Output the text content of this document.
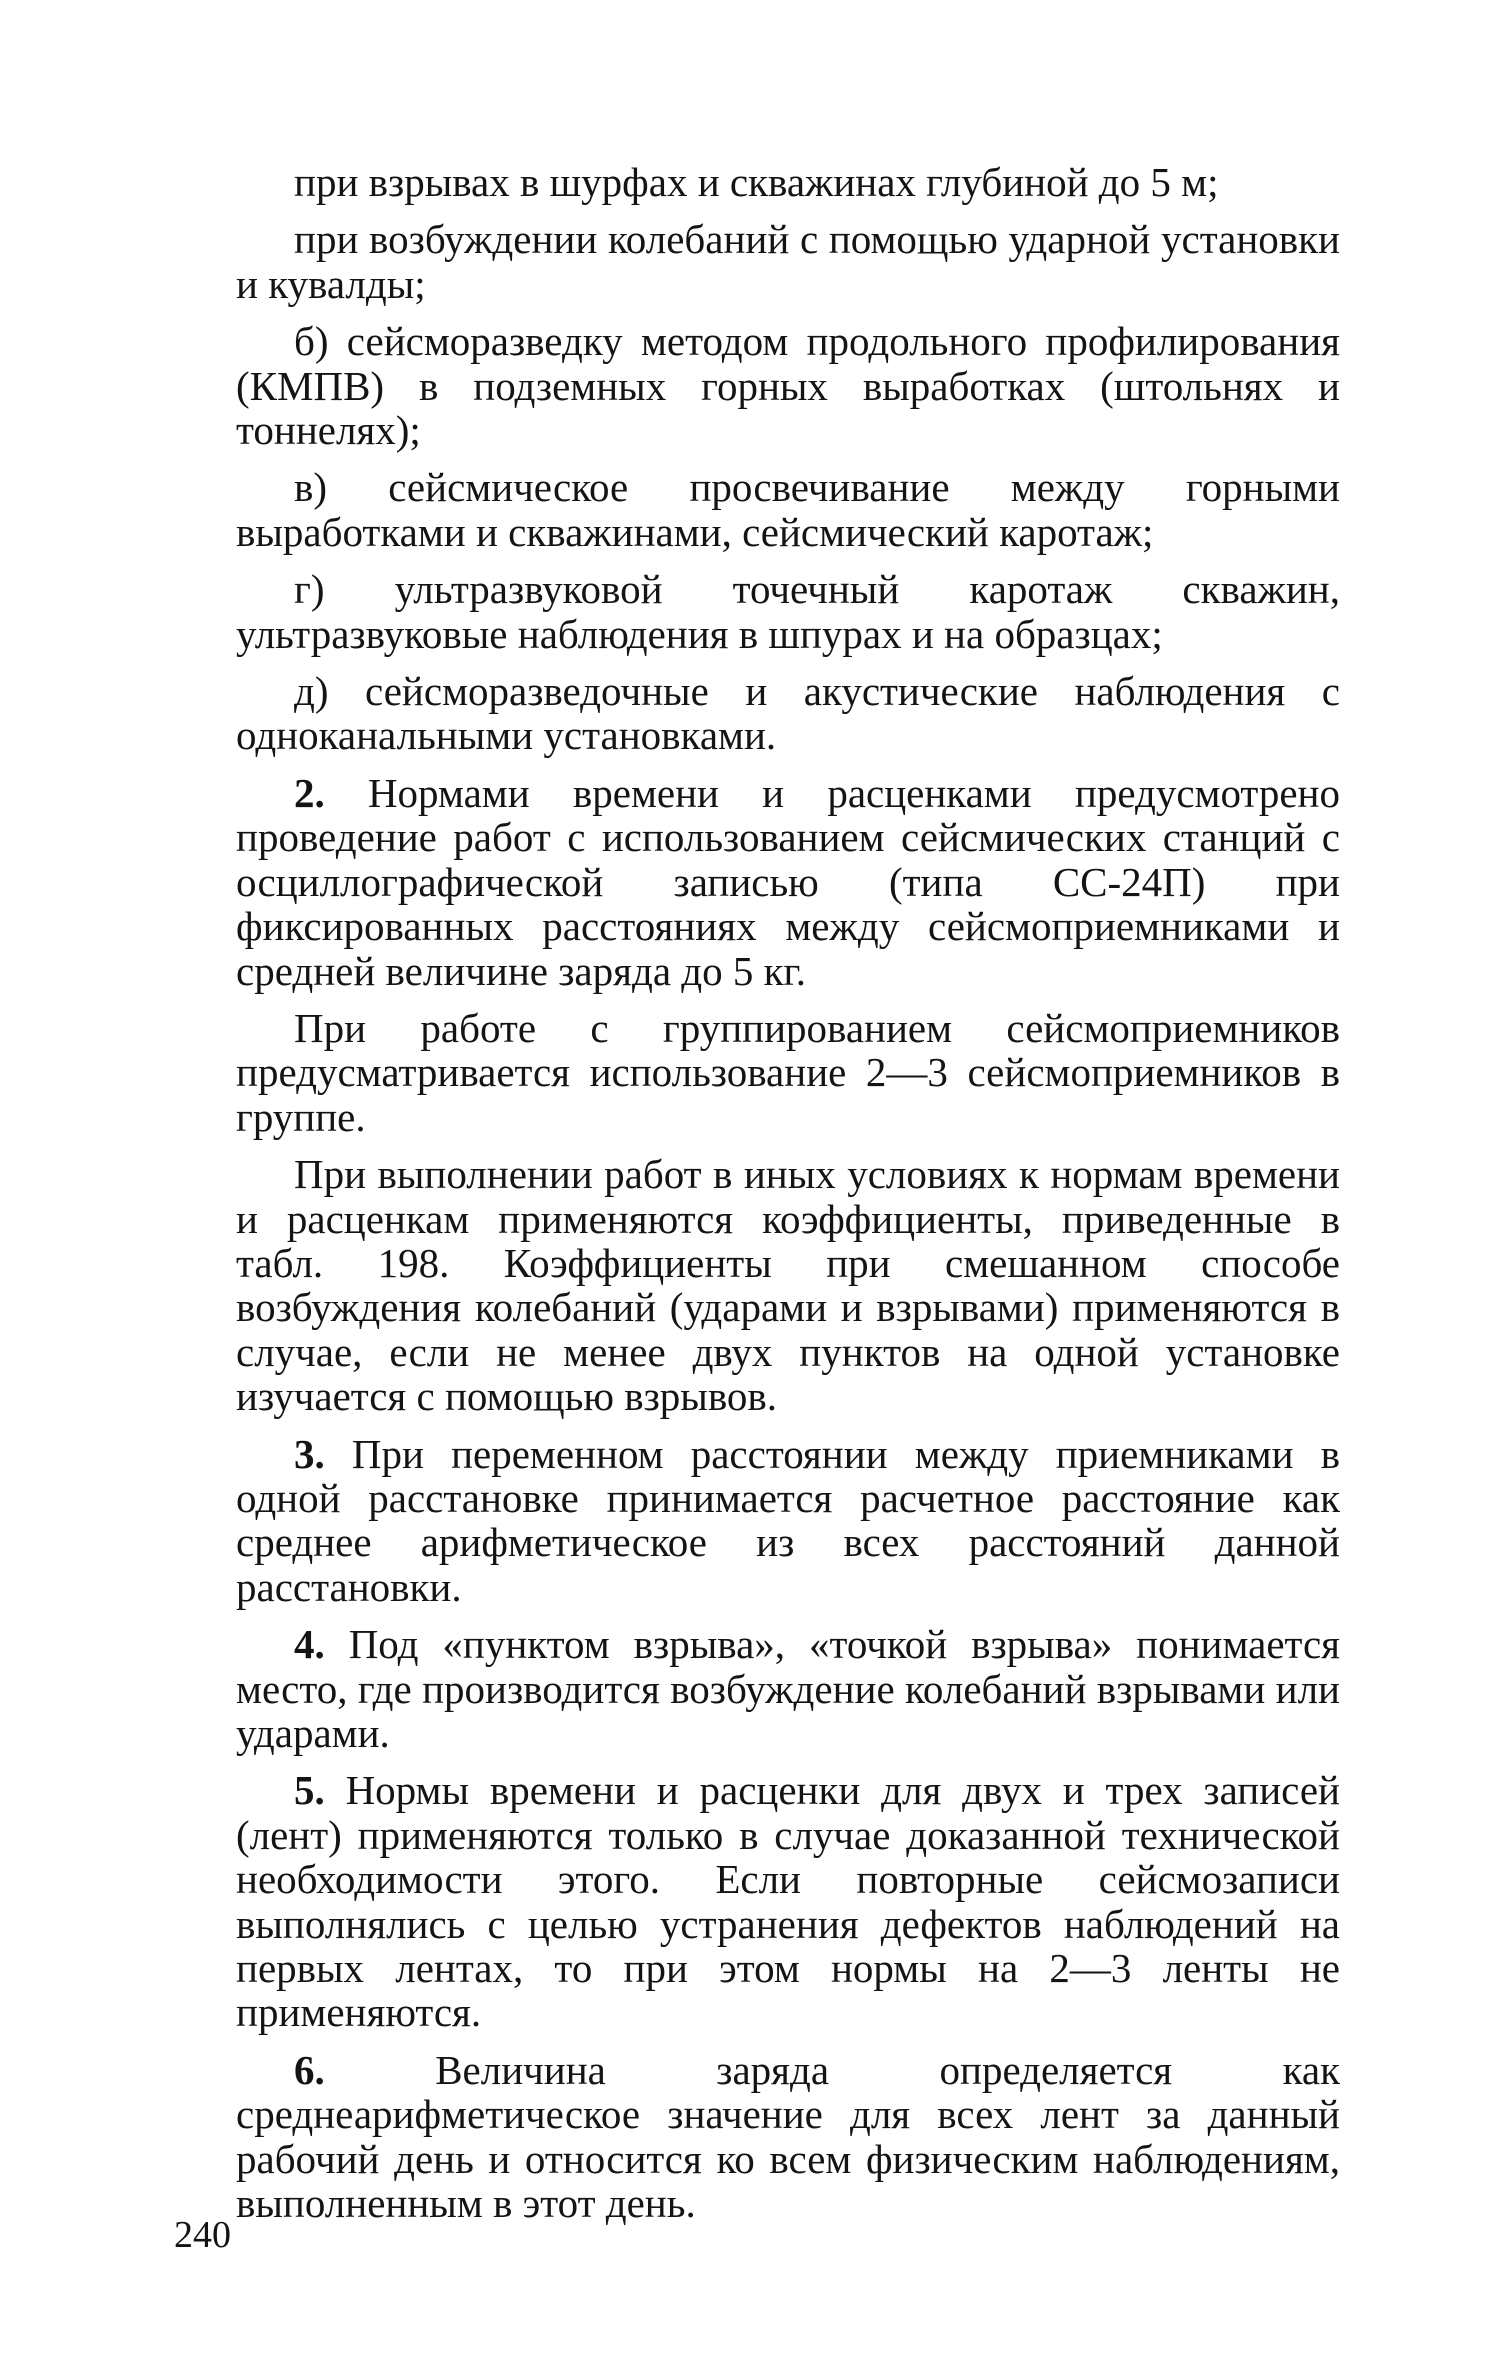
при взрывах в шурфах и скважинах глубиной до 5 м;

при возбуждении колебаний с помощью ударной установки и кувалды;

б) сейсморазведку методом продольного профилирования (КМПВ) в подземных горных выработках (штольнях и тоннелях);

в) сейсмическое просвечивание между горными выработками и скважинами, сейсмический каротаж;

г) ультразвуковой точечный каротаж скважин, ультразвуковые наблюдения в шпурах и на образцах;

д) сейсморазведочные и акустические наблюдения с одноканальными установками.

2. Нормами времени и расценками предусмотрено проведение работ с использованием сейсмических станций с осциллографической записью (типа СС-24П) при фиксированных расстояниях между сейсмоприемниками и средней величине заряда до 5 кг.

При работе с группированием сейсмоприемников предусматривается использование 2—3 сейсмоприемников в группе.

При выполнении работ в иных условиях к нормам времени и расценкам применяются коэффициенты, приведенные в табл. 198. Коэффициенты при смешанном способе возбуждения колебаний (ударами и взрывами) применяются в случае, если не менее двух пунктов на одной установке изучается с помощью взрывов.

3. При переменном расстоянии между приемниками в одной расстановке принимается расчетное расстояние как среднее арифметическое из всех расстояний данной расстановки.

4. Под «пунктом взрыва», «точкой взрыва» понимается место, где производится возбуждение колебаний взрывами или ударами.

5. Нормы времени и расценки для двух и трех записей (лент) применяются только в случае доказанной технической необходимости этого. Если повторные сейсмозаписи выполнялись с целью устранения дефектов наблюдений на первых лентах, то при этом нормы на 2—3 ленты не применяются.

6.	Величина заряда определяется как среднеарифметическое значение для всех лент за данный рабочий день и относится ко всем физическим наблюдениям, выполненным в этот день.

240
